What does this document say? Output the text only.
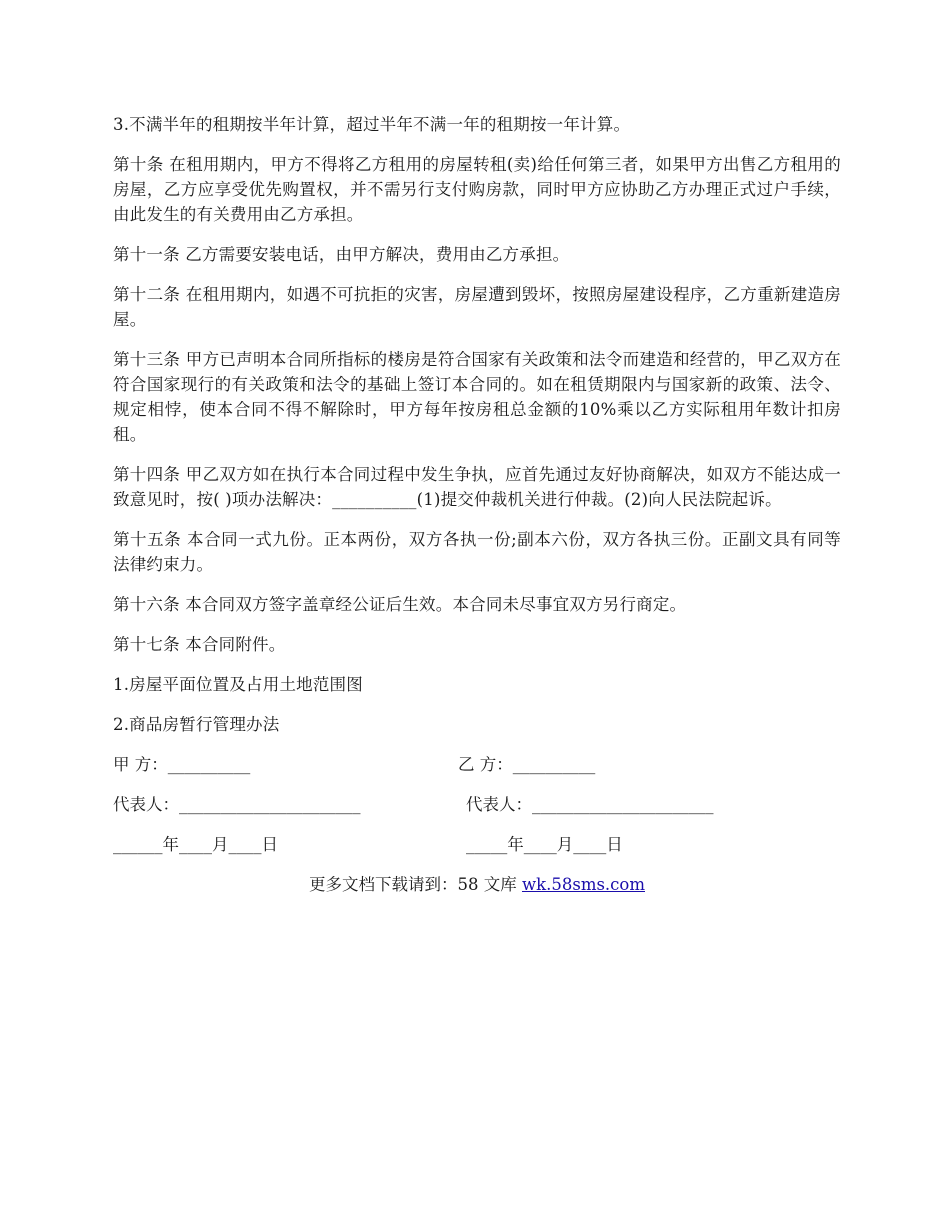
3.不满半年的租期按半年计算，超过半年不满一年的租期按一年计算。

第十条 在租用期内，甲方不得将乙方租用的房屋转租(卖)给任何第三者，如果甲方出售乙方租用的房屋，乙方应享受优先购置权，并不需另行支付购房款，同时甲方应协助乙方办理正式过户手续，由此发生的有关费用由乙方承担。

第十一条 乙方需要安装电话，由甲方解决，费用由乙方承担。

第十二条 在租用期内，如遇不可抗拒的灾害，房屋遭到毁坏，按照房屋建设程序，乙方重新建造房屋。

第十三条 甲方已声明本合同所指标的楼房是符合国家有关政策和法令而建造和经营的，甲乙双方在符合国家现行的有关政策和法令的基础上签订本合同的。如在租赁期限内与国家新的政策、法令、规定相悖，使本合同不得不解除时，甲方每年按房租总金额的10%乘以乙方实际租用年数计扣房租。

第十四条 甲乙双方如在执行本合同过程中发生争执，应首先通过友好协商解决，如双方不能达成一致意见时，按( )项办法解决：__________(1)提交仲裁机关进行仲裁。(2)向人民法院起诉。

第十五条 本合同一式九份。正本两份，双方各执一份;副本六份，双方各执三份。正副文具有同等法律约束力。

第十六条 本合同双方签字盖章经公证后生效。本合同未尽事宜双方另行商定。

第十七条 本合同附件。

1.房屋平面位置及占用土地范围图

2.商品房暂行管理办法

甲 方：__________	乙 方：__________
代表人：______________________	代表人：______________________
______年____月____日	_____年____月____日
更多文档下载请到：58 文库 wk.58sms.com
